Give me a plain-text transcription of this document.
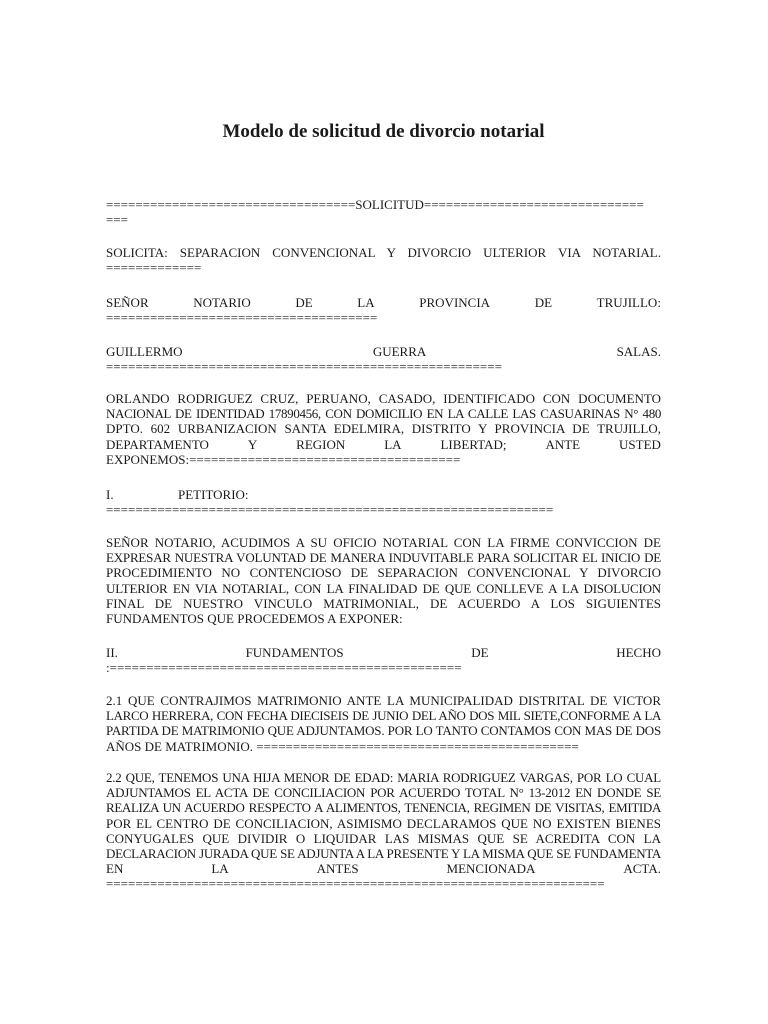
Modelo de solicitud de divorcio notarial
==================================SOLICITUD==============================
===
SOLICITA: SEPARACION CONVENCIONAL Y DIVORCIO ULTERIOR VIA NOTARIAL.
=============
SEÑOR	NOTARIO	DE	LA	PROVINCIA	DE	TRUJILLO:
=====================================
GUILLERMO	GUERRA	SALAS.
======================================================
ORLANDO RODRIGUEZ CRUZ, PERUANO, CASADO, IDENTIFICADO CON DOCUMENTO
NACIONAL DE IDENTIDAD 17890456, CON DOMICILIO EN LA CALLE LAS CASUARINAS N° 480
DPTO. 602 URBANIZACION SANTA EDELMIRA, DISTRITO Y PROVINCIA DE TRUJILLO,
DEPARTAMENTO	Y	REGION	LA	LIBERTAD;	ANTE	USTED
EXPONEMOS:=====================================
I.	PETITORIO:
=============================================================
SEÑOR NOTARIO, ACUDIMOS A SU OFICIO NOTARIAL CON LA FIRME CONVICCION DE
EXPRESAR NUESTRA VOLUNTAD DE MANERA INDUVITABLE PARA SOLICITAR EL INICIO DE
PROCEDIMIENTO NO CONTENCIOSO DE SEPARACION CONVENCIONAL Y DIVORCIO
ULTERIOR EN VIA NOTARIAL, CON LA FINALIDAD DE QUE CONLLEVE A LA DISOLUCION
FINAL DE NUESTRO VINCULO MATRIMONIAL, DE ACUERDO A LOS SIGUIENTES
FUNDAMENTOS QUE PROCEDEMOS A EXPONER:
II.	FUNDAMENTOS	DE	HECHO
:================================================
2.1 QUE CONTRAJIMOS MATRIMONIO ANTE LA MUNICIPALIDAD DISTRITAL DE VICTOR
LARCO HERRERA, CON FECHA DIECISEIS DE JUNIO DEL AÑO DOS MIL SIETE,CONFORME A LA
PARTIDA DE MATRIMONIO QUE ADJUNTAMOS. POR LO TANTO CONTAMOS CON MAS DE DOS
AÑOS DE MATRIMONIO. ============================================
2.2 QUE, TENEMOS UNA HIJA MENOR DE EDAD: MARIA RODRIGUEZ VARGAS, POR LO CUAL
ADJUNTAMOS EL ACTA DE CONCILIACION POR ACUERDO TOTAL N° 13-2012 EN DONDE SE
REALIZA UN ACUERDO RESPECTO A ALIMENTOS, TENENCIA, REGIMEN DE VISITAS, EMITIDA
POR EL CENTRO DE CONCILIACION, ASIMISMO DECLARAMOS QUE NO EXISTEN BIENES
CONYUGALES QUE DIVIDIR O LIQUIDAR LAS MISMAS QUE SE ACREDITA CON LA
DECLARACION JURADA QUE SE ADJUNTA A LA PRESENTE Y LA MISMA QUE SE FUNDAMENTA
EN	LA	ANTES	MENCIONADA	ACTA.
====================================================================
